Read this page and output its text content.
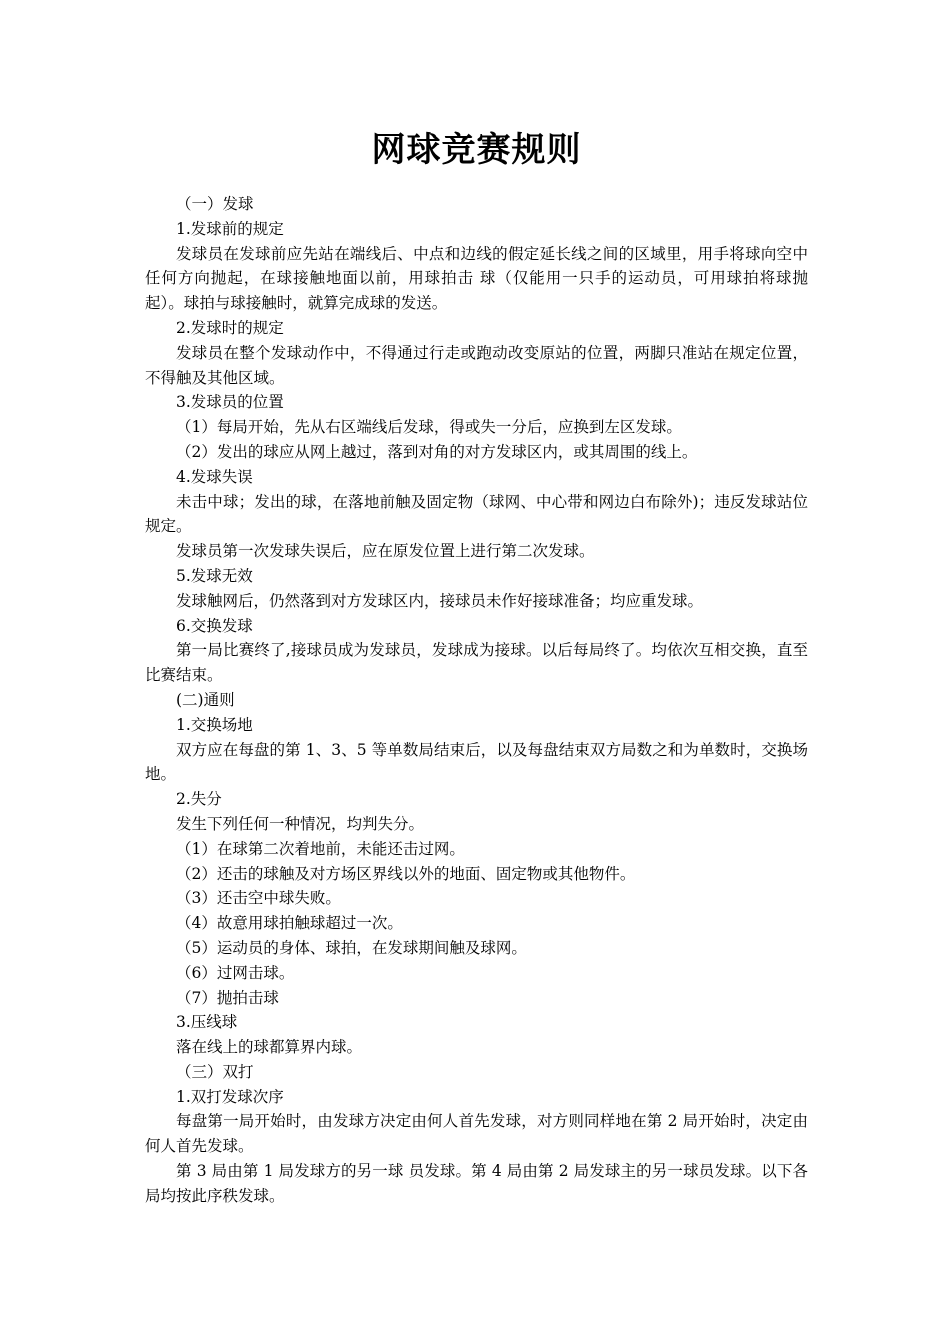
网球竞赛规则

（一）发球

1.发球前的规定

发球员在发球前应先站在端线后、中点和边线的假定延长线之间的区域里，用手将球向空中任何方向抛起，在球接触地面以前，用球拍击 球（仅能用一只手的运动员，可用球拍将球抛起）。球拍与球接触时，就算完成球的发送。

2.发球时的规定

发球员在整个发球动作中，不得通过行走或跑动改变原站的位置，两脚只准站在规定位置，不得触及其他区域。

3.发球员的位置

（1）每局开始，先从右区端线后发球，得或失一分后，应换到左区发球。

（2）发出的球应从网上越过，落到对角的对方发球区内，或其周围的线上。

4.发球失误

未击中球；发出的球，在落地前触及固定物（球网、中心带和网边白布除外)；违反发球站位规定。

发球员第一次发球失误后，应在原发位置上进行第二次发球。

5.发球无效

发球触网后，仍然落到对方发球区内，接球员未作好接球准备；均应重发球。

6.交换发球

第一局比赛终了,接球员成为发球员，发球成为接球。以后每局终了。均依次互相交换，直至比赛结束。

(二)通则

1.交换场地

双方应在每盘的第 1、3、5 等单数局结束后，以及每盘结束双方局数之和为单数时，交换场地。

2.失分

发生下列任何一种情况，均判失分。

（1）在球第二次着地前，未能还击过网。

（2）还击的球触及对方场区界线以外的地面、固定物或其他物件。

（3）还击空中球失败。

（4）故意用球拍触球超过一次。

（5）运动员的身体、球拍，在发球期间触及球网。

（6）过网击球。

（7）抛拍击球

3.压线球

落在线上的球都算界内球。

（三）双打

1.双打发球次序

每盘第一局开始时，由发球方决定由何人首先发球，对方则同样地在第 2 局开始时，决定由何人首先发球。

第 3 局由第 1 局发球方的另一球 员发球。第 4 局由第 2 局发球主的另一球员发球。以下各局均按此序秩发球。
